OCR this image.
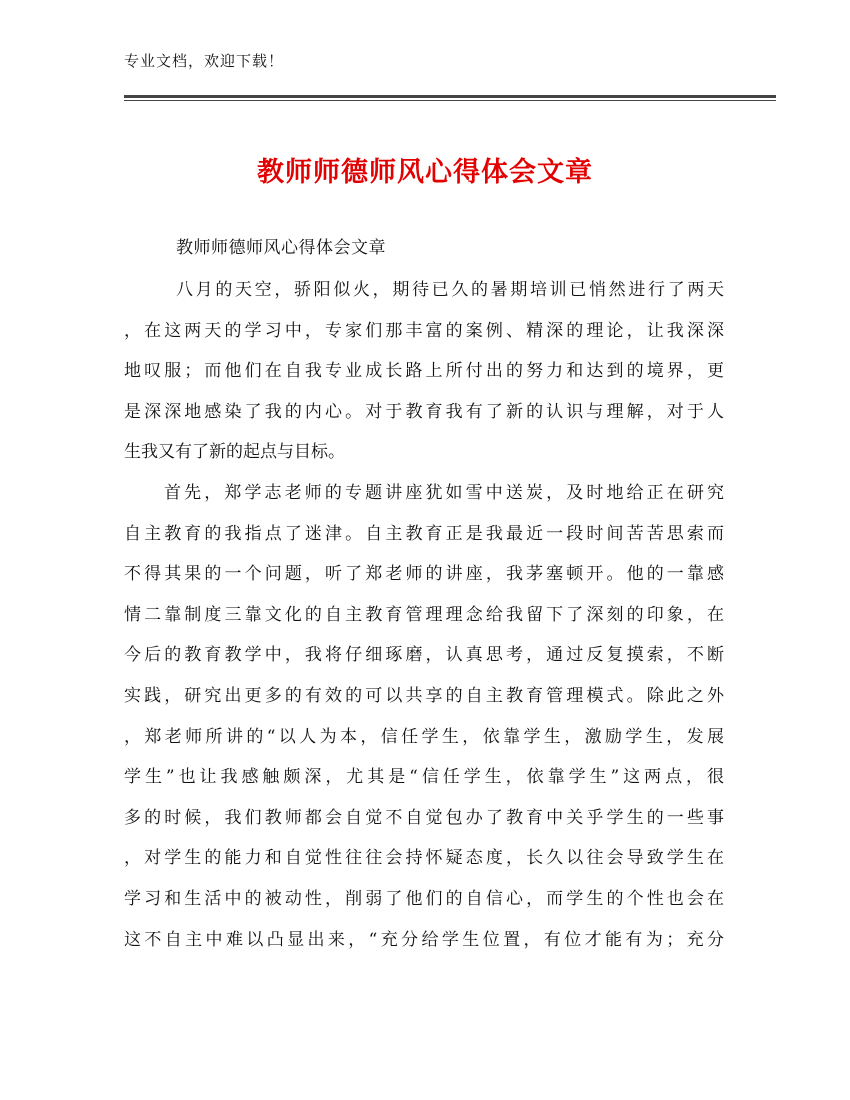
专业文档，欢迎下载！
教师师德师风心得体会文章
教师师德师风心得体会文章
八月的天空，骄阳似火，期待已久的暑期培训已悄然进行了两天
，在这两天的学习中，专家们那丰富的案例、精深的理论，让我深深
地叹服；而他们在自我专业成长路上所付出的努力和达到的境界，更
是深深地感染了我的内心。对于教育我有了新的认识与理解，对于人
生我又有了新的起点与目标。
首先，郑学志老师的专题讲座犹如雪中送炭，及时地给正在研究
自主教育的我指点了迷津。自主教育正是我最近一段时间苦苦思索而
不得其果的一个问题，听了郑老师的讲座，我茅塞顿开。他的一靠感
情二靠制度三靠文化的自主教育管理理念给我留下了深刻的印象，在
今后的教育教学中，我将仔细琢磨，认真思考，通过反复摸索，不断
实践，研究出更多的有效的可以共享的自主教育管理模式。除此之外
，郑老师所讲的“以人为本，信任学生，依靠学生，激励学生，发展
学生”也让我感触颇深，尤其是“信任学生，依靠学生”这两点，很
多的时候，我们教师都会自觉不自觉包办了教育中关乎学生的一些事
，对学生的能力和自觉性往往会持怀疑态度，长久以往会导致学生在
学习和生活中的被动性，削弱了他们的自信心，而学生的个性也会在
这不自主中难以凸显出来，“充分给学生位置，有位才能有为；充分
